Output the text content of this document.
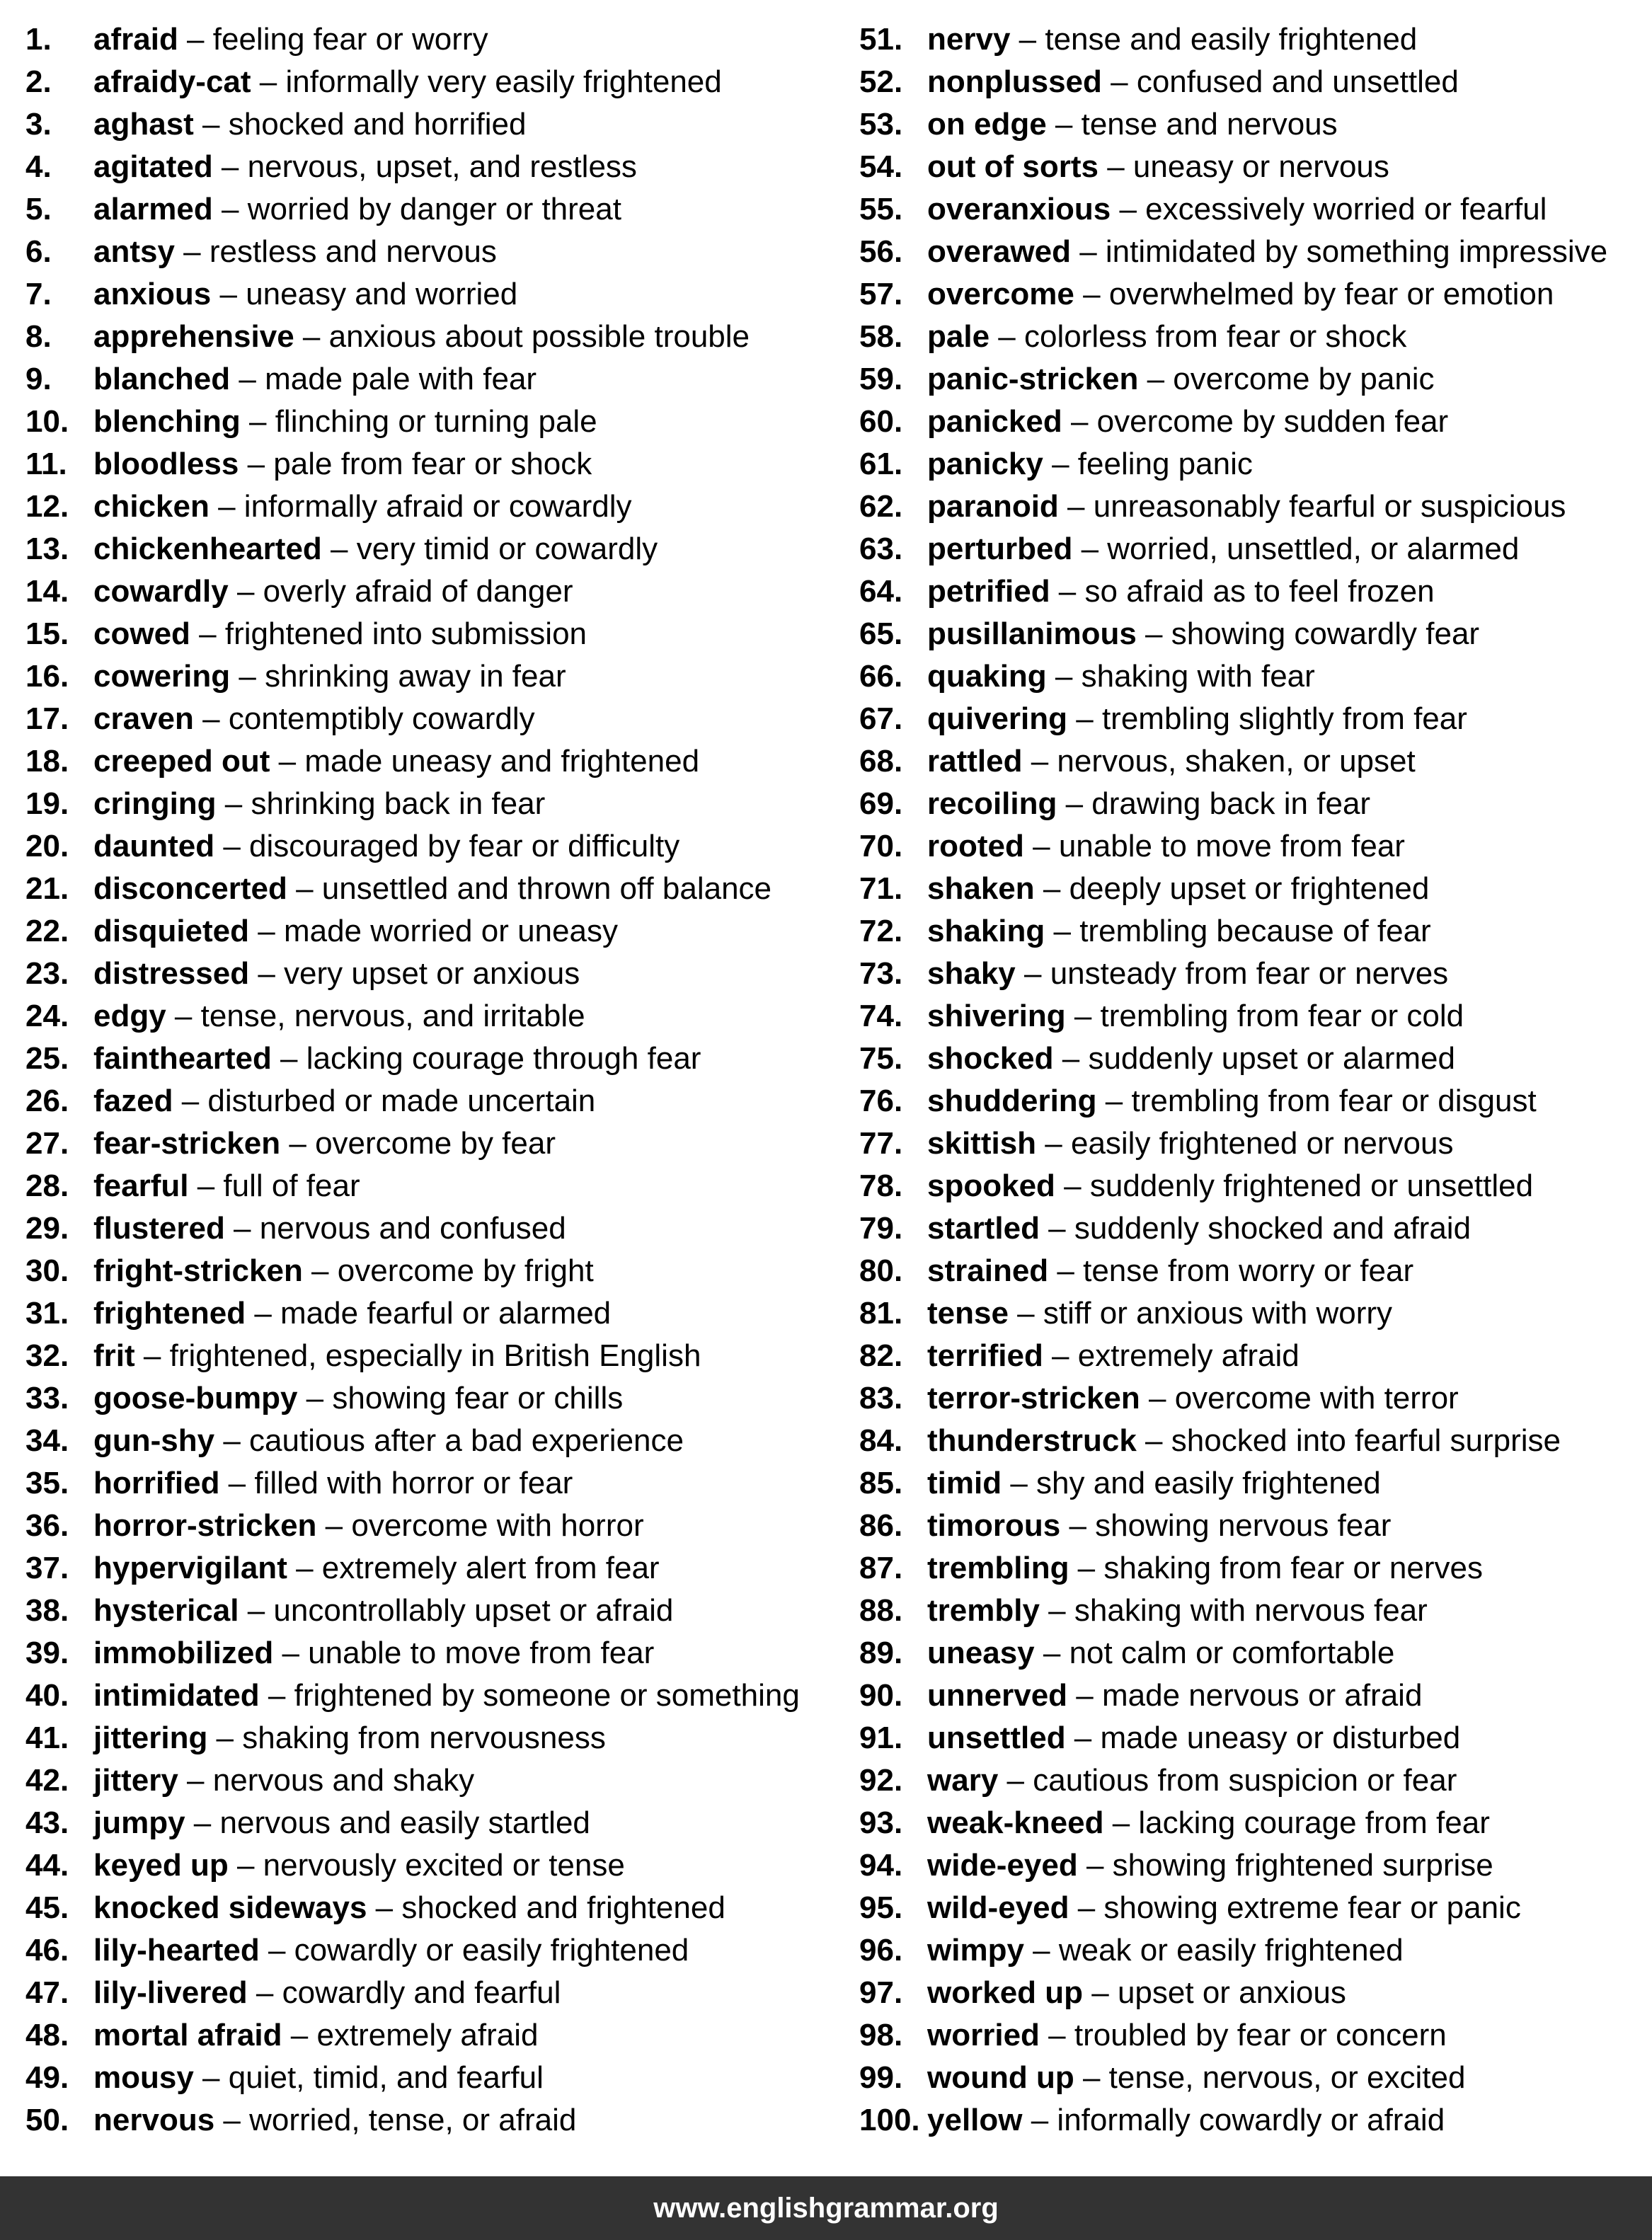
1.	afraid – feeling fear or worry
2.	afraidy-cat – informally very easily frightened
3.	aghast – shocked and horrified
4.	agitated – nervous, upset, and restless
5.	alarmed – worried by danger or threat
6.	antsy – restless and nervous
7.	anxious – uneasy and worried
8.	apprehensive – anxious about possible trouble
9.	blanched – made pale with fear
10. blenching – flinching or turning pale
11. bloodless – pale from fear or shock
12. chicken – informally afraid or cowardly
13. chickenhearted – very timid or cowardly
14. cowardly – overly afraid of danger
15. cowed – frightened into submission
16. cowering – shrinking away in fear
17. craven – contemptibly cowardly
18. creeped out – made uneasy and frightened
19. cringing – shrinking back in fear
20. daunted – discouraged by fear or difficulty
21. disconcerted – unsettled and thrown off balance
22. disquieted – made worried or uneasy
23. distressed – very upset or anxious
24. edgy – tense, nervous, and irritable
25. fainthearted – lacking courage through fear
26. fazed – disturbed or made uncertain
27. fear-stricken – overcome by fear
28. fearful – full of fear
29. flustered – nervous and confused
30. fright-stricken – overcome by fright
31. frightened – made fearful or alarmed
32. frit – frightened, especially in British English
33. goose-bumpy – showing fear or chills
34. gun-shy – cautious after a bad experience
35. horrified – filled with horror or fear
36. horror-stricken – overcome with horror
37. hypervigilant – extremely alert from fear
38. hysterical – uncontrollably upset or afraid
39. immobilized – unable to move from fear
40. intimidated – frightened by someone or something
41. jittering – shaking from nervousness
42. jittery – nervous and shaky
43. jumpy – nervous and easily startled
44. keyed up – nervously excited or tense
45. knocked sideways – shocked and frightened
46. lily-hearted – cowardly or easily frightened
47. lily-livered – cowardly and fearful
48. mortal afraid – extremely afraid
49. mousy – quiet, timid, and fearful
50. nervous – worried, tense, or afraid
51. nervy – tense and easily frightened
52. nonplussed – confused and unsettled
53. on edge – tense and nervous
54. out of sorts – uneasy or nervous
55. overanxious – excessively worried or fearful
56. overawed – intimidated by something impressive
57. overcome – overwhelmed by fear or emotion
58. pale – colorless from fear or shock
59. panic-stricken – overcome by panic
60. panicked – overcome by sudden fear
61. panicky – feeling panic
62. paranoid – unreasonably fearful or suspicious
63. perturbed – worried, unsettled, or alarmed
64. petrified – so afraid as to feel frozen
65. pusillanimous – showing cowardly fear
66. quaking – shaking with fear
67. quivering – trembling slightly from fear
68. rattled – nervous, shaken, or upset
69. recoiling – drawing back in fear
70. rooted – unable to move from fear
71. shaken – deeply upset or frightened
72. shaking – trembling because of fear
73. shaky – unsteady from fear or nerves
74. shivering – trembling from fear or cold
75. shocked – suddenly upset or alarmed
76. shuddering – trembling from fear or disgust
77. skittish – easily frightened or nervous
78. spooked – suddenly frightened or unsettled
79. startled – suddenly shocked and afraid
80. strained – tense from worry or fear
81. tense – stiff or anxious with worry
82. terrified – extremely afraid
83. terror-stricken – overcome with terror
84. thunderstruck – shocked into fearful surprise
85. timid – shy and easily frightened
86. timorous – showing nervous fear
87. trembling – shaking from fear or nerves
88. trembly – shaking with nervous fear
89. uneasy – not calm or comfortable
90. unnerved – made nervous or afraid
91. unsettled – made uneasy or disturbed
92. wary – cautious from suspicion or fear
93. weak-kneed – lacking courage from fear
94. wide-eyed – showing frightened surprise
95. wild-eyed – showing extreme fear or panic
96. wimpy – weak or easily frightened
97. worked up – upset or anxious
98. worried – troubled by fear or concern
99. wound up – tense, nervous, or excited
100. yellow – informally cowardly or afraid
www.englishgrammar.org
